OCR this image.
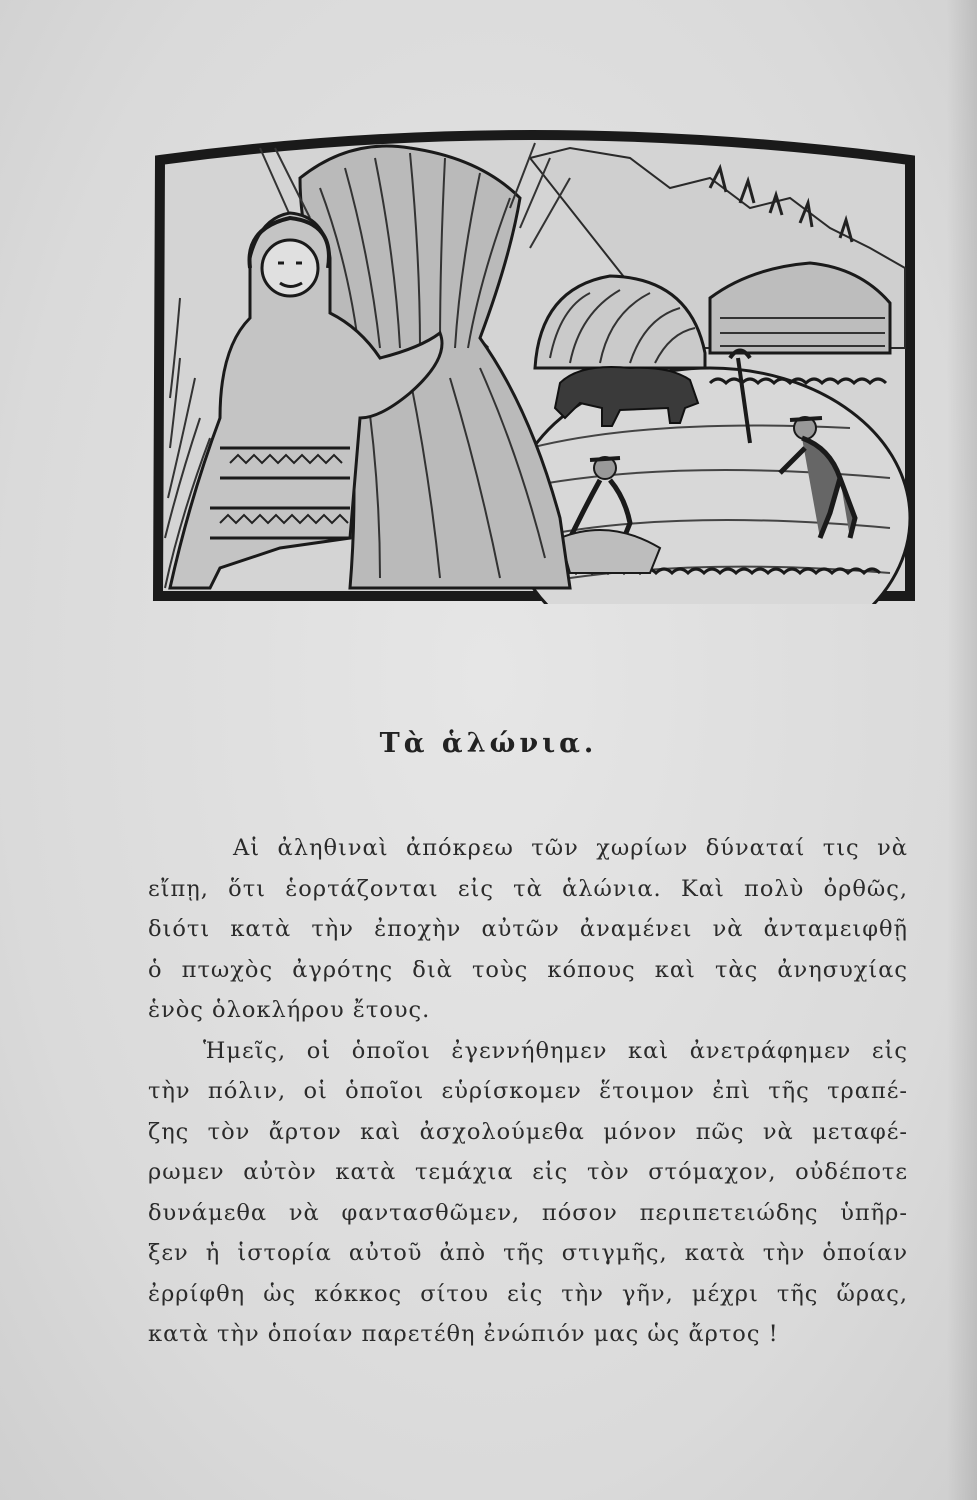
Τὰ ἁλώνια.

Αἱ ἀληθιναὶ ἀπόκρεω τῶν χωρίων δύναταί τις νὰ
εἴπῃ, ὅτι ἑορτάζονται εἰς τὰ ἁλώνια. Καὶ πολὺ ὀρθῶς,
διότι κατὰ τὴν ἐποχὴν αὐτῶν ἀναμένει νὰ ἀνταμειφθῇ
ὁ πτωχὸς ἀγρότης διὰ τοὺς κόπους καὶ τὰς ἀνησυχίας
ἑνὸς ὁλοκλήρου ἔτους.

Ἡμεῖς, οἱ ὁποῖοι ἐγεννήθημεν καὶ ἀνετράφημεν εἰς
τὴν πόλιν, οἱ ὁποῖοι εὑρίσκομεν ἕτοιμον ἐπὶ τῆς τραπέ-
ζης τὸν ἄρτον καὶ ἀσχολούμεθα μόνον πῶς νὰ μεταφέ-
ρωμεν αὐτὸν κατὰ τεμάχια εἰς τὸν στόμαχον, οὐδέποτε
δυνάμεθα νὰ φαντασθῶμεν, πόσον περιπετειώδης ὑπῆρ-
ξεν ἡ ἱστορία αὐτοῦ ἀπὸ τῆς στιγμῆς, κατὰ τὴν ὁποίαν
ἐρρίφθη ὡς κόκκος σίτου εἰς τὴν γῆν, μέχρι τῆς ὥρας,
κατὰ τὴν ὁποίαν παρετέθη ἐνώπιόν μας ὡς ἄρτος !
